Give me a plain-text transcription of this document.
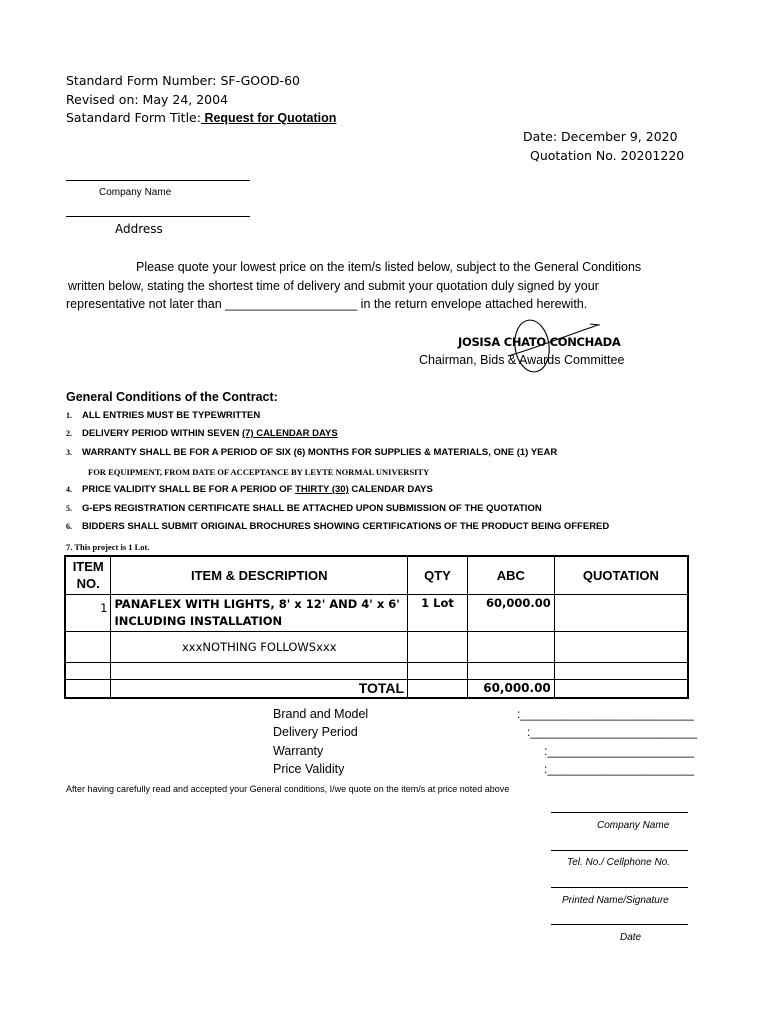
Standard Form Number: SF-GOOD-60
Revised on: May 24, 2004
Satandard Form Title: Request for Quotation
Date: December 9, 2020
Quotation No. 20201220
Company Name
Address
Please quote your lowest price on the item/s listed below, subject to the General Conditions
written below, stating the shortest time of delivery and submit your quotation duly signed by your
representative not later than ___________________ in the return envelope attached herewith.
JOSISA CHATO CONCHADA
Chairman, Bids & Awards Committee
General Conditions of the Contract:
1. ALL ENTRIES MUST BE TYPEWRITTEN
2. DELIVERY PERIOD WITHIN SEVEN (7) CALENDAR DAYS
3. WARRANTY SHALL BE FOR A PERIOD OF SIX (6) MONTHS FOR SUPPLIES & MATERIALS, ONE (1) YEAR
FOR EQUIPMENT, FROM DATE OF ACCEPTANCE BY LEYTE NORMAL UNIVERSITY
4. PRICE VALIDITY SHALL BE FOR A PERIOD OF THIRTY (30) CALENDAR DAYS
5. G-EPS REGISTRATION CERTIFICATE SHALL BE ATTACHED UPON SUBMISSION OF THE QUOTATION
6. BIDDERS SHALL SUBMIT ORIGINAL BROCHURES SHOWING CERTIFICATIONS OF THE PRODUCT BEING OFFERED
7. This project is 1 Lot.
ITEM NO.	ITEM & DESCRIPTION	QTY	ABC	QUOTATION
1	PANAFLEX WITH LIGHTS, 8' x 12' AND 4' x 6' INCLUDING INSTALLATION	1 Lot	60,000.00	
	xxxNOTHING FOLLOWSxxx			

	TOTAL		60,000.00	
Brand and Model	:__________________________
Delivery Period	:_________________________
Warranty	:______________________
Price Validity	:______________________
After having carefully read and accepted your General conditions, I/we quote on the item/s at price noted above
Company Name
Tel. No./ Cellphone No.
Printed Name/Signature
Date
